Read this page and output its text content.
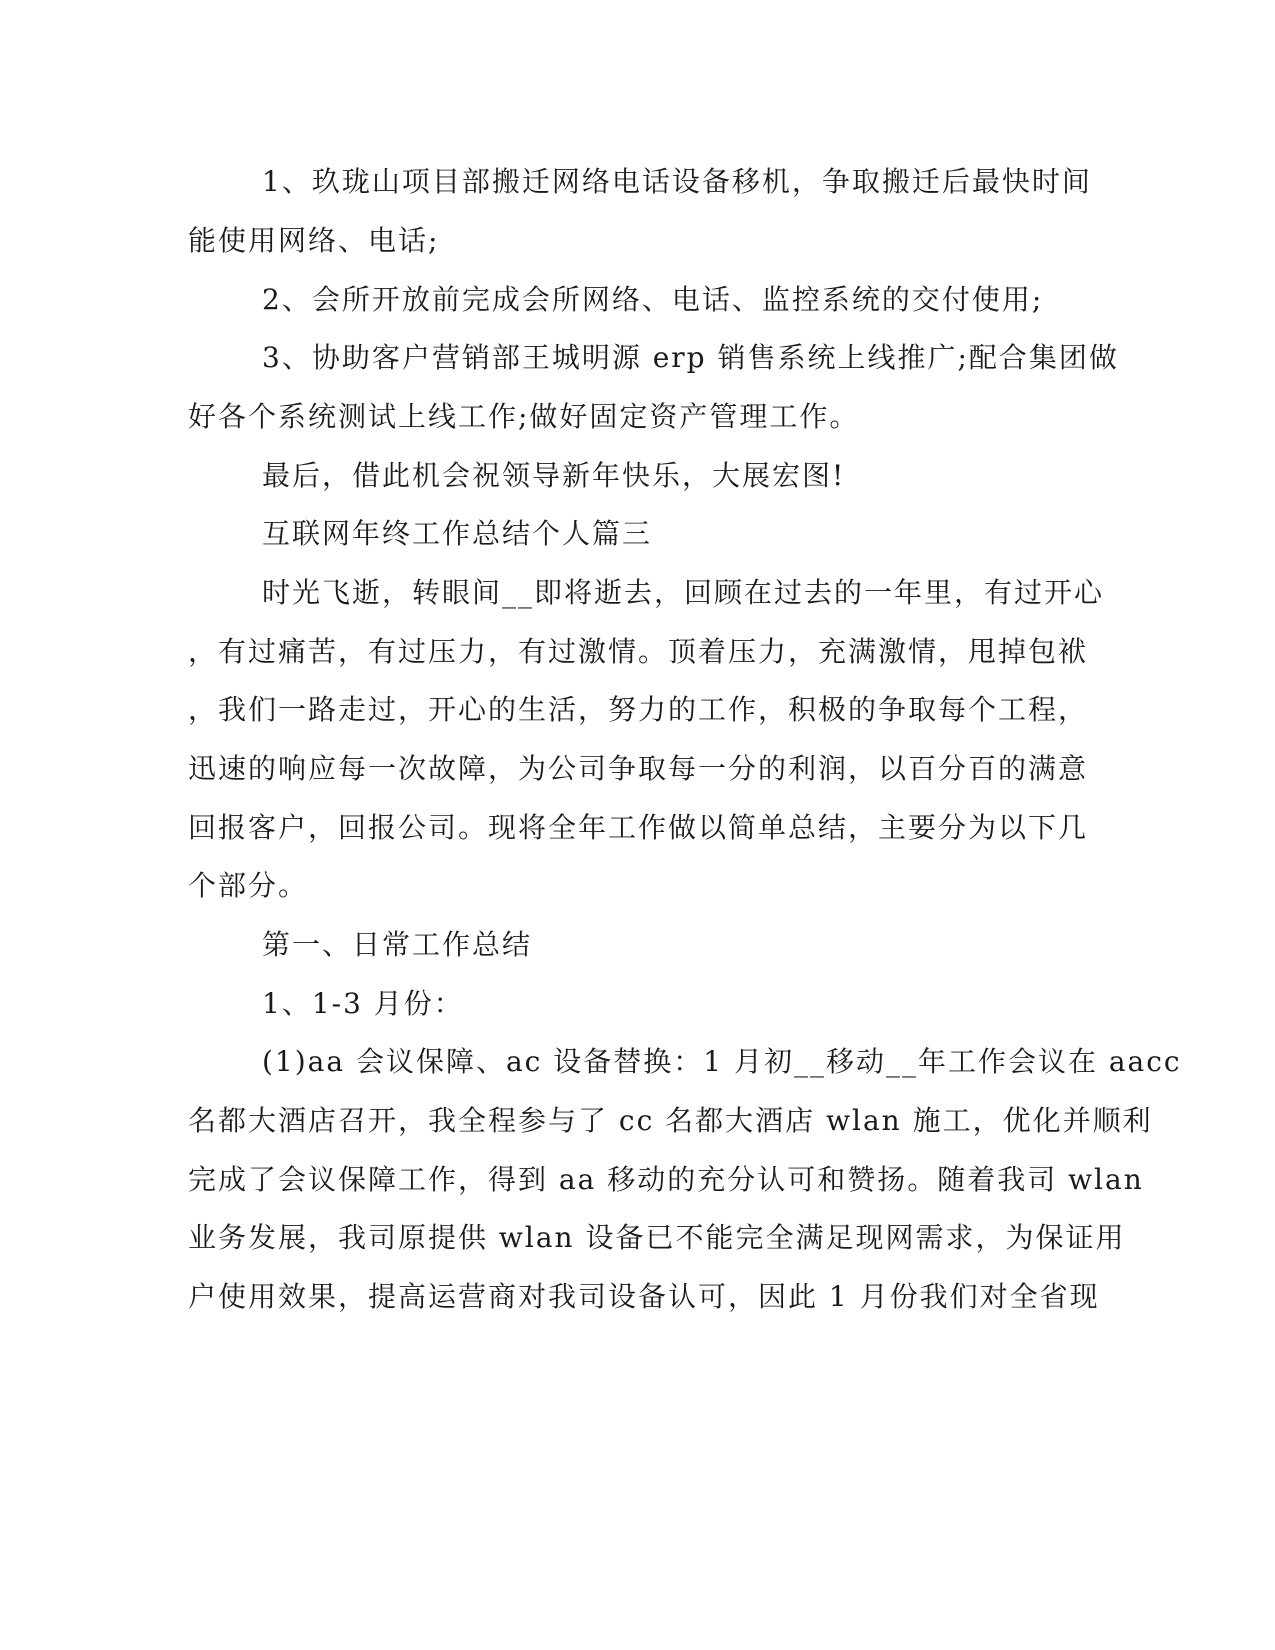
1、玖珑山项目部搬迁网络电话设备移机，争取搬迁后最快时间
能使用网络、电话;
2、会所开放前完成会所网络、电话、监控系统的交付使用;
3、协助客户营销部王城明源 erp 销售系统上线推广;配合集团做
好各个系统测试上线工作;做好固定资产管理工作。
最后，借此机会祝领导新年快乐，大展宏图!
互联网年终工作总结个人篇三
时光飞逝，转眼间__即将逝去，回顾在过去的一年里，有过开心
，有过痛苦，有过压力，有过激情。顶着压力，充满激情，甩掉包袱
，我们一路走过，开心的生活，努力的工作，积极的争取每个工程，
迅速的响应每一次故障，为公司争取每一分的利润，以百分百的满意
回报客户，回报公司。现将全年工作做以简单总结，主要分为以下几
个部分。
第一、日常工作总结
1、1-3 月份：
(1)aa 会议保障、ac 设备替换：1 月初__移动__年工作会议在 aacc
名都大酒店召开，我全程参与了 cc 名都大酒店 wlan 施工，优化并顺利
完成了会议保障工作，得到 aa 移动的充分认可和赞扬。随着我司 wlan
业务发展，我司原提供 wlan 设备已不能完全满足现网需求，为保证用
户使用效果，提高运营商对我司设备认可，因此 1 月份我们对全省现
